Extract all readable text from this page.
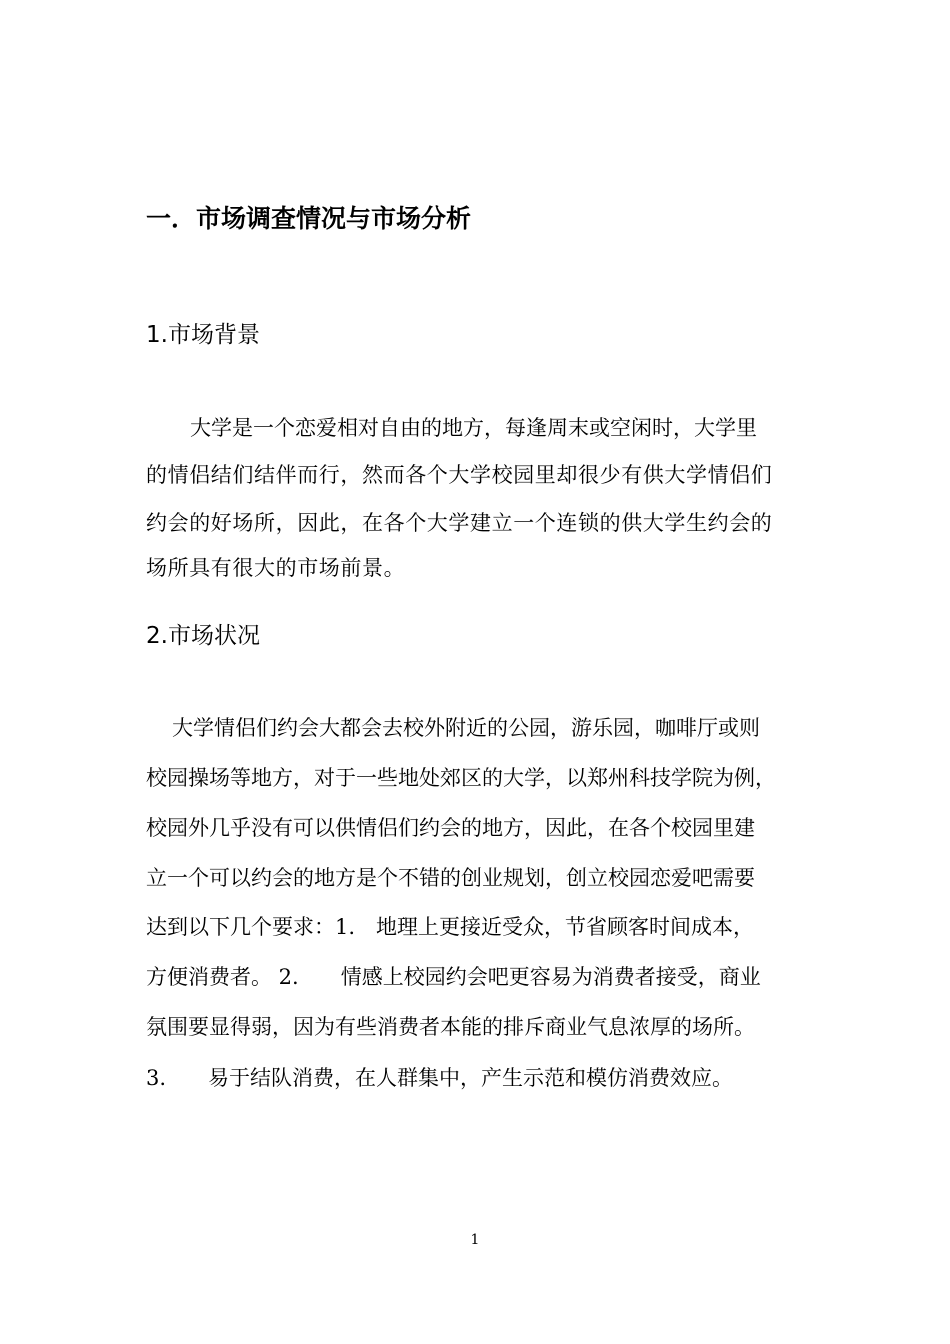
一．市场调查情况与市场分析
1.市场背景
大学是一个恋爱相对自由的地方，每逢周末或空闲时，大学里
的情侣结们结伴而行，然而各个大学校园里却很少有供大学情侣们
约会的好场所，因此，在各个大学建立一个连锁的供大学生约会的
场所具有很大的市场前景。
2.市场状况
大学情侣们约会大都会去校外附近的公园，游乐园，咖啡厅或则
校园操场等地方，对于一些地处郊区的大学，以郑州科技学院为例，
校园外几乎没有可以供情侣们约会的地方，因此，在各个校园里建
立一个可以约会的地方是个不错的创业规划，创立校园恋爱吧需要
达到以下几个要求：1.　地理上更接近受众，节省顾客时间成本，
方便消费者。 2.　　情感上校园约会吧更容易为消费者接受，商业
氛围要显得弱，因为有些消费者本能的排斥商业气息浓厚的场所。
3.　　易于结队消费，在人群集中，产生示范和模仿消费效应。
1
